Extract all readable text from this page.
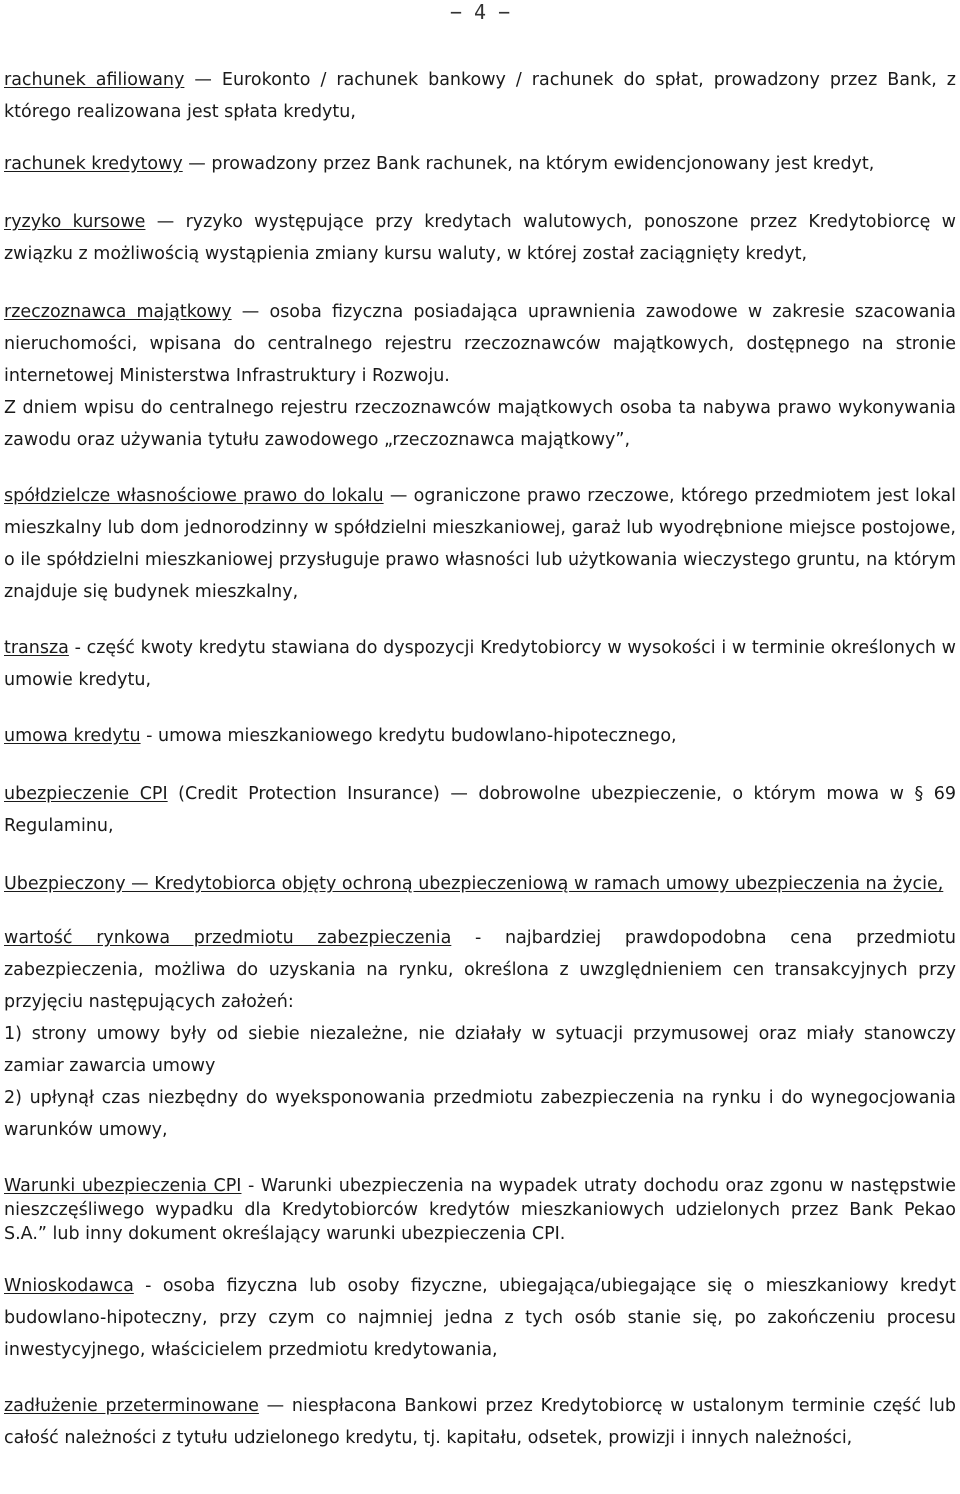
− 4 −

rachunek afiliowany — Eurokonto / rachunek bankowy / rachunek do spłat, prowadzony przez Bank, z którego realizowana jest spłata kredytu,

rachunek kredytowy — prowadzony przez Bank rachunek, na którym ewidencjonowany jest kredyt,

ryzyko kursowe — ryzyko występujące przy kredytach walutowych, ponoszone przez Kredytobiorcę w związku z możliwością wystąpienia zmiany kursu waluty, w której został zaciągnięty kredyt,

rzeczoznawca majątkowy — osoba fizyczna posiadająca uprawnienia zawodowe w zakresie szacowania nieruchomości, wpisana do centralnego rejestru rzeczoznawców majątkowych, dostępnego na stronie internetowej Ministerstwa Infrastruktury i Rozwoju.

Z dniem wpisu do centralnego rejestru rzeczoznawców majątkowych osoba ta nabywa prawo wykonywania zawodu oraz używania tytułu zawodowego „rzeczoznawca majątkowy”,

spółdzielcze własnościowe prawo do lokalu — ograniczone prawo rzeczowe, którego przedmiotem jest lokal mieszkalny lub dom jednorodzinny w spółdzielni mieszkaniowej, garaż lub wyodrębnione miejsce postojowe, o ile spółdzielni mieszkaniowej przysługuje prawo własności lub użytkowania wieczystego gruntu, na którym znajduje się budynek mieszkalny,

transza - część kwoty kredytu stawiana do dyspozycji Kredytobiorcy w wysokości i w terminie określonych w umowie kredytu,

umowa kredytu - umowa mieszkaniowego kredytu budowlano-hipotecznego,

ubezpieczenie CPI (Credit Protection Insurance) — dobrowolne ubezpieczenie, o którym mowa w § 69 Regulaminu,

Ubezpieczony — Kredytobiorca objęty ochroną ubezpieczeniową w ramach umowy ubezpieczenia na życie,

wartość rynkowa przedmiotu zabezpieczenia - najbardziej prawdopodobna cena przedmiotu zabezpieczenia, możliwa do uzyskania na rynku, określona z uwzględnieniem cen transakcyjnych przy przyjęciu następujących założeń:

1) strony umowy były od siebie niezależne, nie działały w sytuacji przymusowej oraz miały stanowczy zamiar zawarcia umowy

2) upłynął czas niezbędny do wyeksponowania przedmiotu zabezpieczenia na rynku i do wynegocjowania warunków umowy,

Warunki ubezpieczenia CPI - Warunki ubezpieczenia na wypadek utraty dochodu oraz zgonu w następstwie nieszczęśliwego wypadku dla Kredytobiorców kredytów mieszkaniowych udzielonych przez Bank Pekao S.A.” lub inny dokument określający warunki ubezpieczenia CPI.

Wnioskodawca - osoba fizyczna lub osoby fizyczne, ubiegająca/ubiegające się o mieszkaniowy kredyt budowlano-hipoteczny, przy czym co najmniej jedna z tych osób stanie się, po zakończeniu procesu inwestycyjnego, właścicielem przedmiotu kredytowania,

zadłużenie przeterminowane — niespłacona Bankowi przez Kredytobiorcę w ustalonym terminie część lub całość należności z tytułu udzielonego kredytu, tj. kapitału, odsetek, prowizji i innych należności,
